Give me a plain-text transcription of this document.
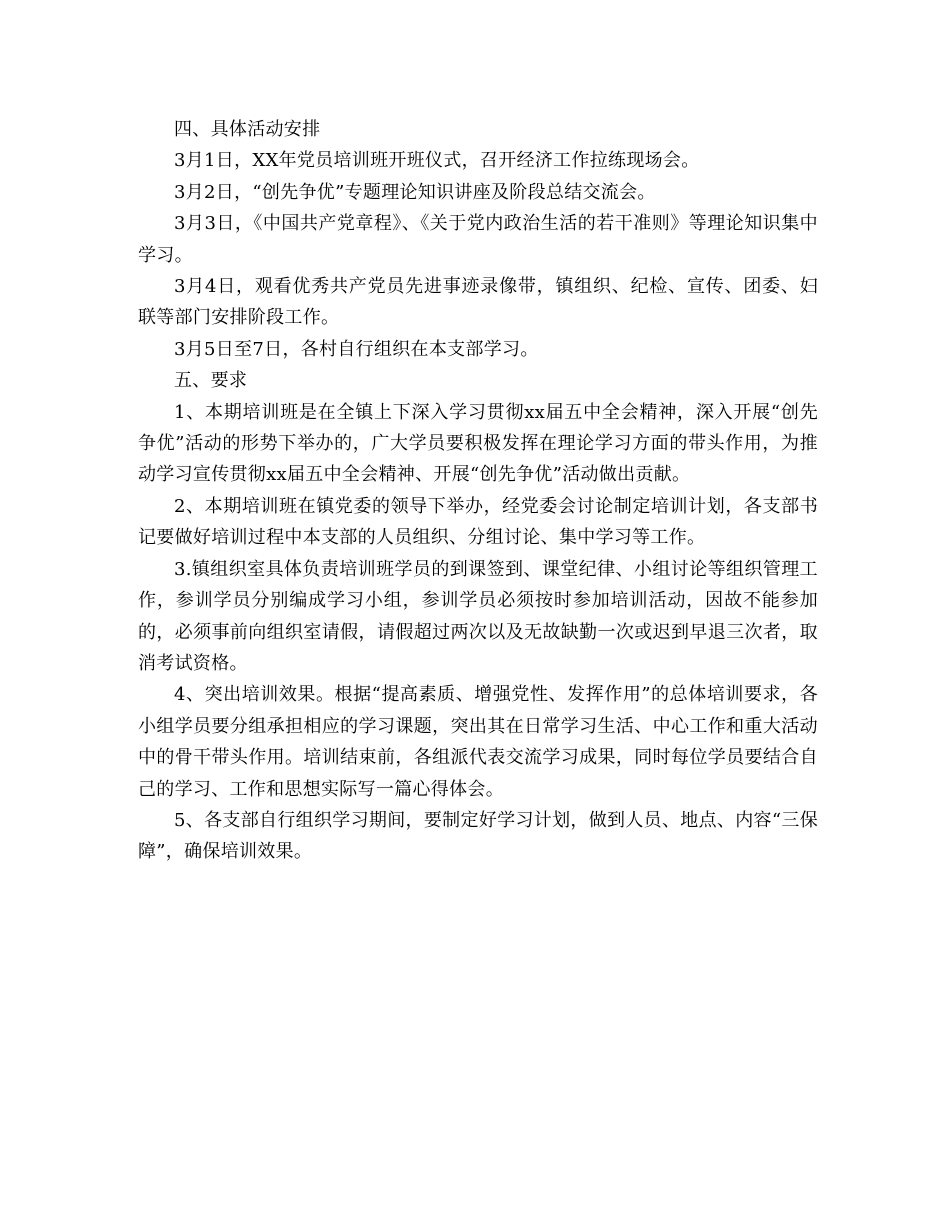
四、具体活动安排

3月1日，XX年党员培训班开班仪式，召开经济工作拉练现场会。

3月2日，“创先争优”专题理论知识讲座及阶段总结交流会。

3月3日，《中国共产党章程》、《关于党内政治生活的若干准则》等理论知识集中学习。

3月4日，观看优秀共产党员先进事迹录像带，镇组织、纪检、宣传、团委、妇联等部门安排阶段工作。

3月5日至7日，各村自行组织在本支部学习。

五、要求

1、本期培训班是在全镇上下深入学习贯彻xx届五中全会精神，深入开展“创先争优”活动的形势下举办的，广大学员要积极发挥在理论学习方面的带头作用，为推动学习宣传贯彻xx届五中全会精神、开展“创先争优”活动做出贡献。

2、本期培训班在镇党委的领导下举办，经党委会讨论制定培训计划，各支部书记要做好培训过程中本支部的人员组织、分组讨论、集中学习等工作。

3.镇组织室具体负责培训班学员的到课签到、课堂纪律、小组讨论等组织管理工作，参训学员分别编成学习小组，参训学员必须按时参加培训活动，因故不能参加的，必须事前向组织室请假，请假超过两次以及无故缺勤一次或迟到早退三次者，取消考试资格。

4、突出培训效果。根据“提高素质、增强党性、发挥作用”的总体培训要求，各小组学员要分组承担相应的学习课题，突出其在日常学习生活、中心工作和重大活动中的骨干带头作用。培训结束前，各组派代表交流学习成果，同时每位学员要结合自己的学习、工作和思想实际写一篇心得体会。

5、各支部自行组织学习期间，要制定好学习计划，做到人员、地点、内容“三保障”，确保培训效果。
